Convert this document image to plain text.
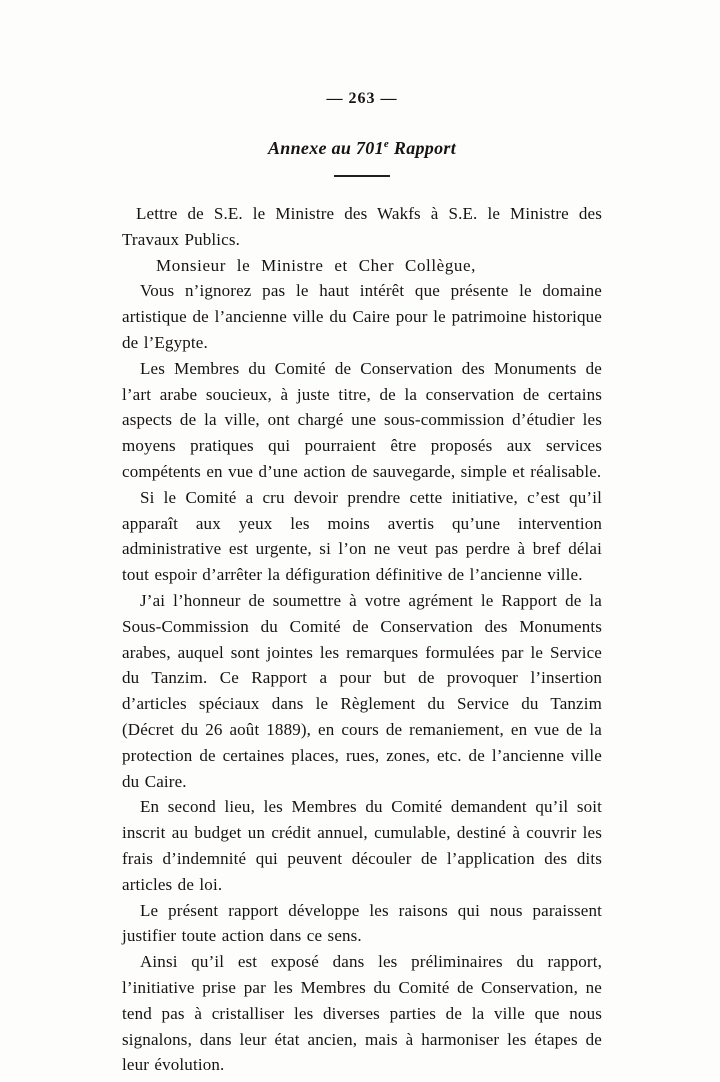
— 263 —
Annexe au 701e Rapport

Lettre de S.E. le Ministre des Wakfs à S.E. le Ministre des Travaux Publics.

Monsieur le Ministre et Cher Collègue,

Vous n’ignorez pas le haut intérêt que présente le domaine artistique de l’ancienne ville du Caire pour le patrimoine historique de l’Egypte.

Les Membres du Comité de Conservation des Monuments de l’art arabe soucieux, à juste titre, de la conservation de certains aspects de la ville, ont chargé une sous-commission d’étudier les moyens pratiques qui pourraient être proposés aux services compétents en vue d’une action de sauvegarde, simple et réalisable.

Si le Comité a cru devoir prendre cette initiative, c’est qu’il apparaît aux yeux les moins avertis qu’une intervention administrative est urgente, si l’on ne veut pas perdre à bref délai tout espoir d’arrêter la défiguration définitive de l’ancienne ville.

J’ai l’honneur de soumettre à votre agrément le Rapport de la Sous-Commission du Comité de Conservation des Monuments arabes, auquel sont jointes les remarques formulées par le Service du Tanzim. Ce Rapport a pour but de provoquer l’insertion d’articles spéciaux dans le Règlement du Service du Tanzim (Décret du 26 août 1889), en cours de remaniement, en vue de la protection de certaines places, rues, zones, etc. de l’ancienne ville du Caire.

En second lieu, les Membres du Comité demandent qu’il soit inscrit au budget un crédit annuel, cumulable, destiné à couvrir les frais d’indemnité qui peuvent découler de l’application des dits articles de loi.

Le présent rapport développe les raisons qui nous paraissent justifier toute action dans ce sens.

Ainsi qu’il est exposé dans les préliminaires du rapport, l’initiative prise par les Membres du Comité de Conservation, ne tend pas à cristalliser les diverses parties de la ville que nous signalons, dans leur état ancien, mais à harmoniser les étapes de leur évolution.
